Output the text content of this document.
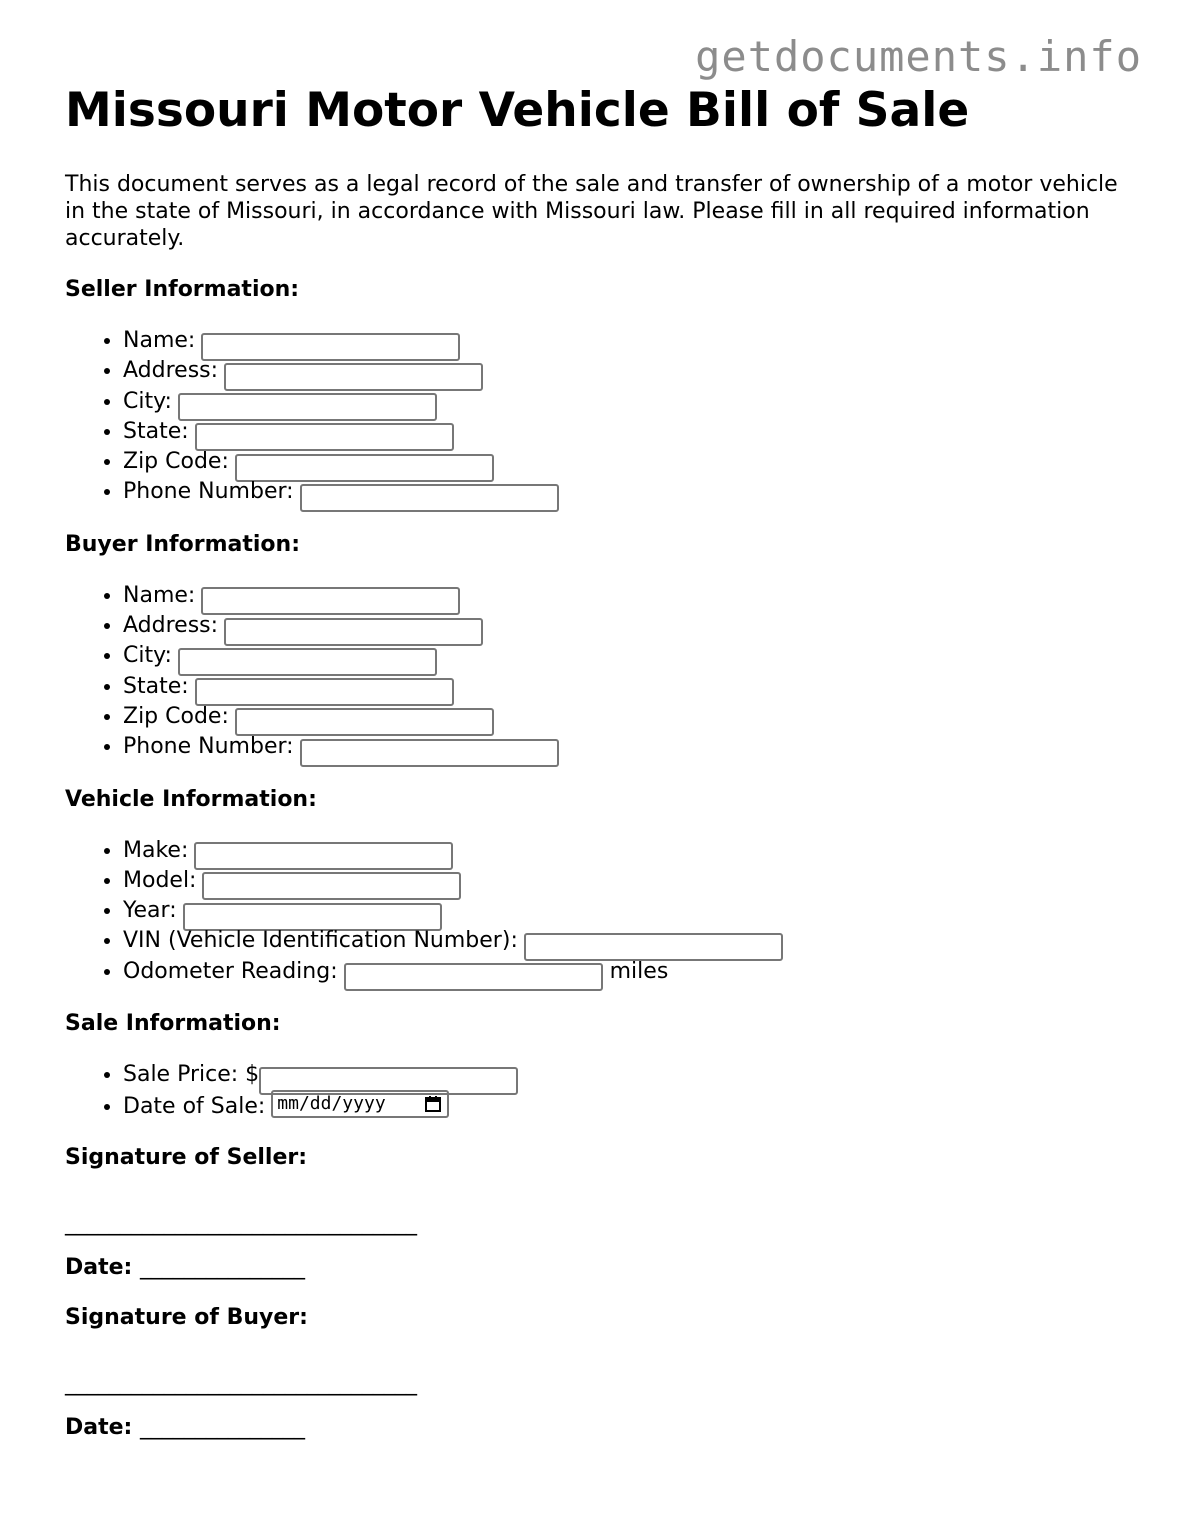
getdocuments.info
Missouri Motor Vehicle Bill of Sale

This document serves as a legal record of the sale and transfer of ownership of a motor vehicle in the state of Missouri, in accordance with Missouri law. Please fill in all required information accurately.

Seller Information:
• Name:
• Address:
• City:
• State:
• Zip Code:
• Phone Number:
Buyer Information:
• Name:
• Address:
• City:
• State:
• Zip Code:
• Phone Number:
Vehicle Information:
• Make:
• Model:
• Year:
• VIN (Vehicle Identification Number):
• Odometer Reading:	miles
Sale Information:
• Sale Price: $
• Date of Sale: mm/dd/yyyy
Signature of Seller:
________________________________
Date: _______________
Signature of Buyer:
________________________________
Date: _______________
